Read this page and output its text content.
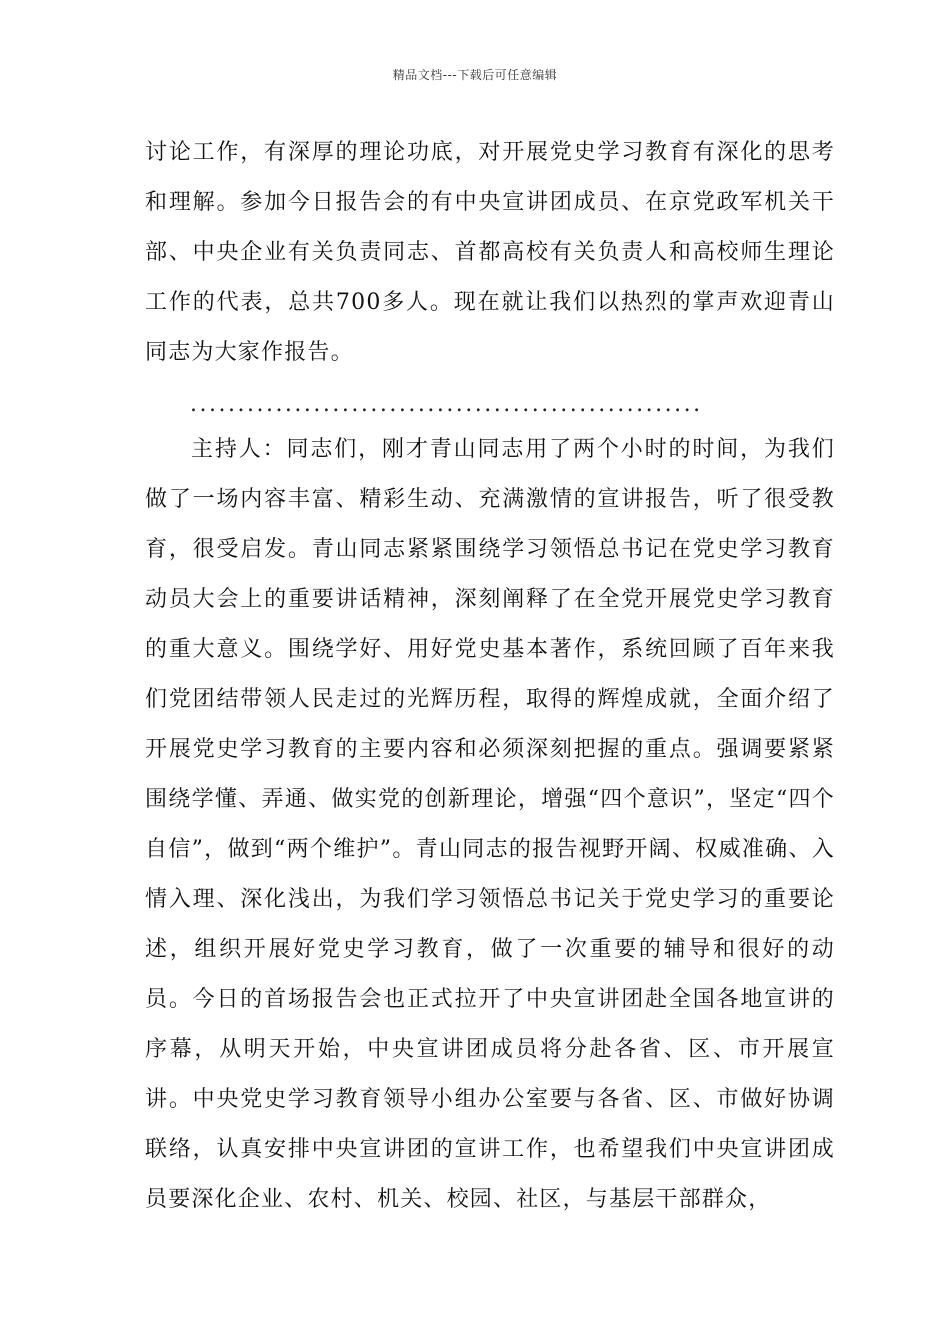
精品文档---下载后可任意编辑

讨论工作，有深厚的理论功底，对开展党史学习教育有深化的思考和理解。参加今日报告会的有中央宣讲团成员、在京党政军机关干部、中央企业有关负责同志、首都高校有关负责人和高校师生理论工作的代表，总共700多人。现在就让我们以热烈的掌声欢迎青山同志为大家作报告。

......................................................

主持人：同志们，刚才青山同志用了两个小时的时间，为我们做了一场内容丰富、精彩生动、充满激情的宣讲报告，听了很受教育，很受启发。青山同志紧紧围绕学习领悟总书记在党史学习教育动员大会上的重要讲话精神，深刻阐释了在全党开展党史学习教育的重大意义。围绕学好、用好党史基本著作，系统回顾了百年来我们党团结带领人民走过的光辉历程，取得的辉煌成就，全面介绍了开展党史学习教育的主要内容和必须深刻把握的重点。强调要紧紧围绕学懂、弄通、做实党的创新理论，增强“四个意识”，坚定“四个自信”，做到“两个维护”。青山同志的报告视野开阔、权威准确、入情入理、深化浅出，为我们学习领悟总书记关于党史学习的重要论述，组织开展好党史学习教育，做了一次重要的辅导和很好的动员。今日的首场报告会也正式拉开了中央宣讲团赴全国各地宣讲的序幕，从明天开始，中央宣讲团成员将分赴各省、区、市开展宣讲。中央党史学习教育领导小组办公室要与各省、区、市做好协调联络，认真安排中央宣讲团的宣讲工作，也希望我们中央宣讲团成员要深化企业、农村、机关、校园、社区，与基层干部群众，
